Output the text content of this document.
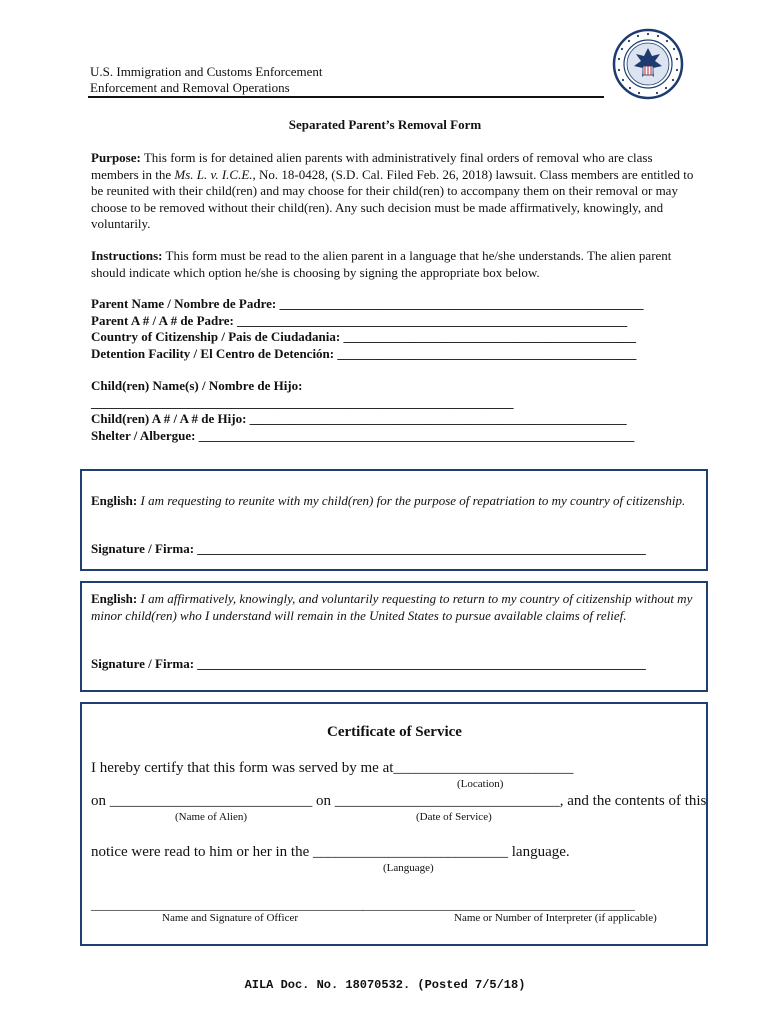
U.S. Immigration and Customs Enforcement
Enforcement and Removal Operations
Separated Parent’s Removal Form
Purpose: This form is for detained alien parents with administratively final orders of removal who are class members in the Ms. L. v. I.C.E., No. 18-0428, (S.D. Cal. Filed Feb. 26, 2018) lawsuit. Class members are entitled to be reunited with their child(ren) and may choose for their child(ren) to accompany them on their removal or may choose to be removed without their child(ren). Any such decision must be made affirmatively, knowingly, and voluntarily.
Instructions: This form must be read to the alien parent in a language that he/she understands. The alien parent should indicate which option he/she is choosing by signing the appropriate box below.
Parent Name / Nombre de Padre: ________________________________________________________
Parent A # / A # de Padre: ____________________________________________________________
Country of Citizenship / Pais de Ciudadania: _____________________________________________
Detention Facility / El Centro de Detención: ______________________________________________
Child(ren) Name(s) / Nombre de Hijo:
_________________________________________________________________
Child(ren) A # / A # de Hijo: __________________________________________________________
Shelter / Albergue: ___________________________________________________________________
English: I am requesting to reunite with my child(ren) for the purpose of repatriation to my country of citizenship.
Signature / Firma: _____________________________________________________________________
English: I am affirmatively, knowingly, and voluntarily requesting to return to my country of citizenship without my minor child(ren) who I understand will remain in the United States to pursue available claims of relief.
Signature / Firma: _____________________________________________________________________
Certificate of Service
I hereby certify that this form was served by me at________________________
(Location)
on ___________________________ on ______________________________, and the contents of this
(Name of Alien)	(Date of Service)
notice were read to him or her in the __________________________ language.
(Language)
__________________________________________
__________________________________________
Name and Signature of Officer	Name or Number of Interpreter (if applicable)
AILA Doc. No. 18070532. (Posted 7/5/18)
